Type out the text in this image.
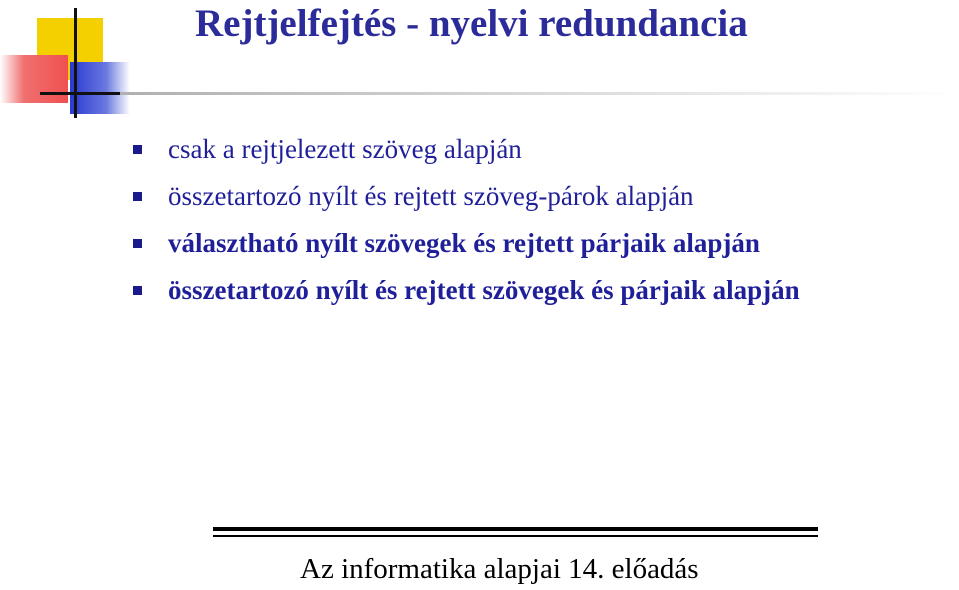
Rejtjelfejtés - nyelvi redundancia
csak a rejtjelezett szöveg alapján
összetartozó nyílt és rejtett szöveg-párok alapján
választható nyílt szövegek és rejtett párjaik alapján
összetartozó nyílt és rejtett szövegek és párjaik alapján

Az informatika alapjai 14. előadás
